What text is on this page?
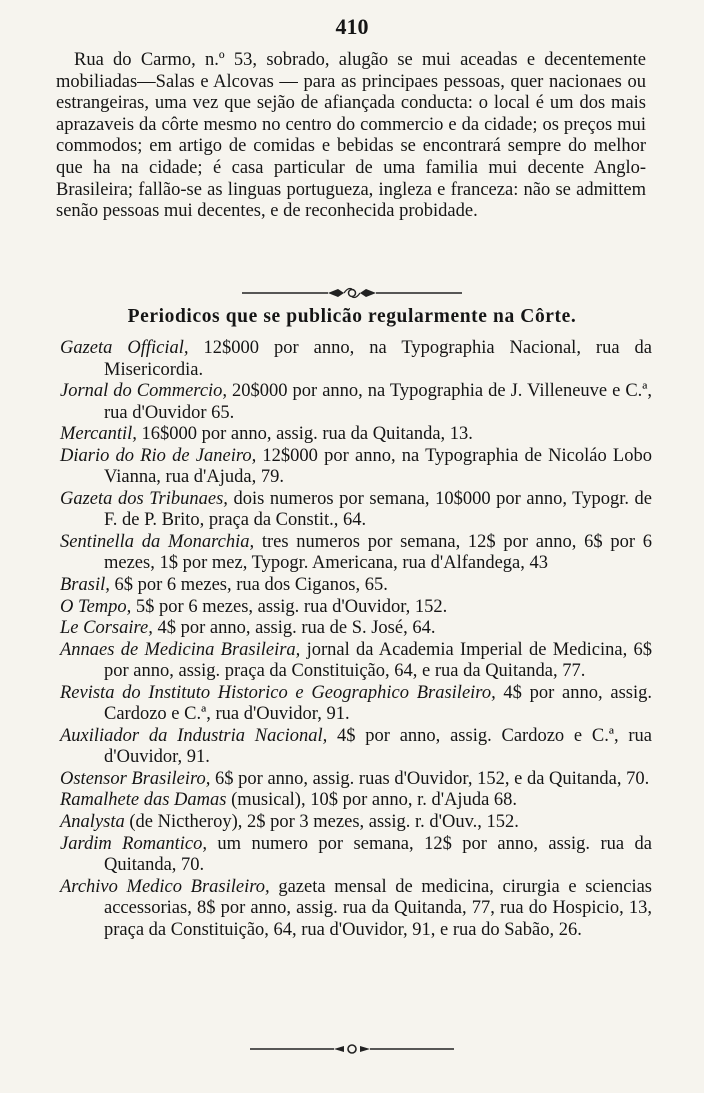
410
Rua do Carmo, n.º 53, sobrado, alugão se mui aceadas e decentemente mobiliadas—Salas e Alcovas — para as principaes pessoas, quer nacionaes ou estrangeiras, uma vez que sejão de afiançada conducta: o local é um dos mais aprazaveis da côrte mesmo no centro do commercio e da cidade; os preços mui commodos; em artigo de comidas e bebidas se encontrará sempre do melhor que ha na cidade; é casa particular de uma familia mui decente Anglo-Brasileira; fallão-se as linguas portugueza, ingleza e franceza: não se admittem senão pessoas mui decentes, e de reconhecida probidade.
Periodicos que se publicão regularmente na Côrte.
Gazeta Official, 12$000 por anno, na Typographia Nacional, rua da Misericordia.
Jornal do Commercio, 20$000 por anno, na Typographia de J. Villeneuve e C.ª, rua d'Ouvidor 65.
Mercantil, 16$000 por anno, assig. rua da Quitanda, 13.
Diario do Rio de Janeiro, 12$000 por anno, na Typographia de Nicoláo Lobo Vianna, rua d'Ajuda, 79.
Gazeta dos Tribunaes, dois numeros por semana, 10$000 por anno, Typogr. de F. de P. Brito, praça da Constit., 64.
Sentinella da Monarchia, tres numeros por semana, 12$ por anno, 6$ por 6 mezes, 1$ por mez, Typogr. Americana, rua d'Alfandega, 43
Brasil, 6$ por 6 mezes, rua dos Ciganos, 65.
O Tempo, 5$ por 6 mezes, assig. rua d'Ouvidor, 152.
Le Corsaire, 4$ por anno, assig. rua de S. José, 64.
Annaes de Medicina Brasileira, jornal da Academia Imperial de Medicina, 6$ por anno, assig. praça da Constituição, 64, e rua da Quitanda, 77.
Revista do Instituto Historico e Geographico Brasileiro, 4$ por anno, assig. Cardozo e C.ª, rua d'Ouvidor, 91.
Auxiliador da Industria Nacional, 4$ por anno, assig. Cardozo e C.ª, rua d'Ouvidor, 91.
Ostensor Brasileiro, 6$ por anno, assig. ruas d'Ouvidor, 152, e da Quitanda, 70.
Ramalhete das Damas (musical), 10$ por anno, r. d'Ajuda 68.
Analysta (de Nictheroy), 2$ por 3 mezes, assig. r. d'Ouv., 152.
Jardim Romantico, um numero por semana, 12$ por anno, assig. rua da Quitanda, 70.
Archivo Medico Brasileiro, gazeta mensal de medicina, cirurgia e sciencias accessorias, 8$ por anno, assig. rua da Quitanda, 77, rua do Hospicio, 13, praça da Constituição, 64, rua d'Ouvidor, 91, e rua do Sabão, 26.
